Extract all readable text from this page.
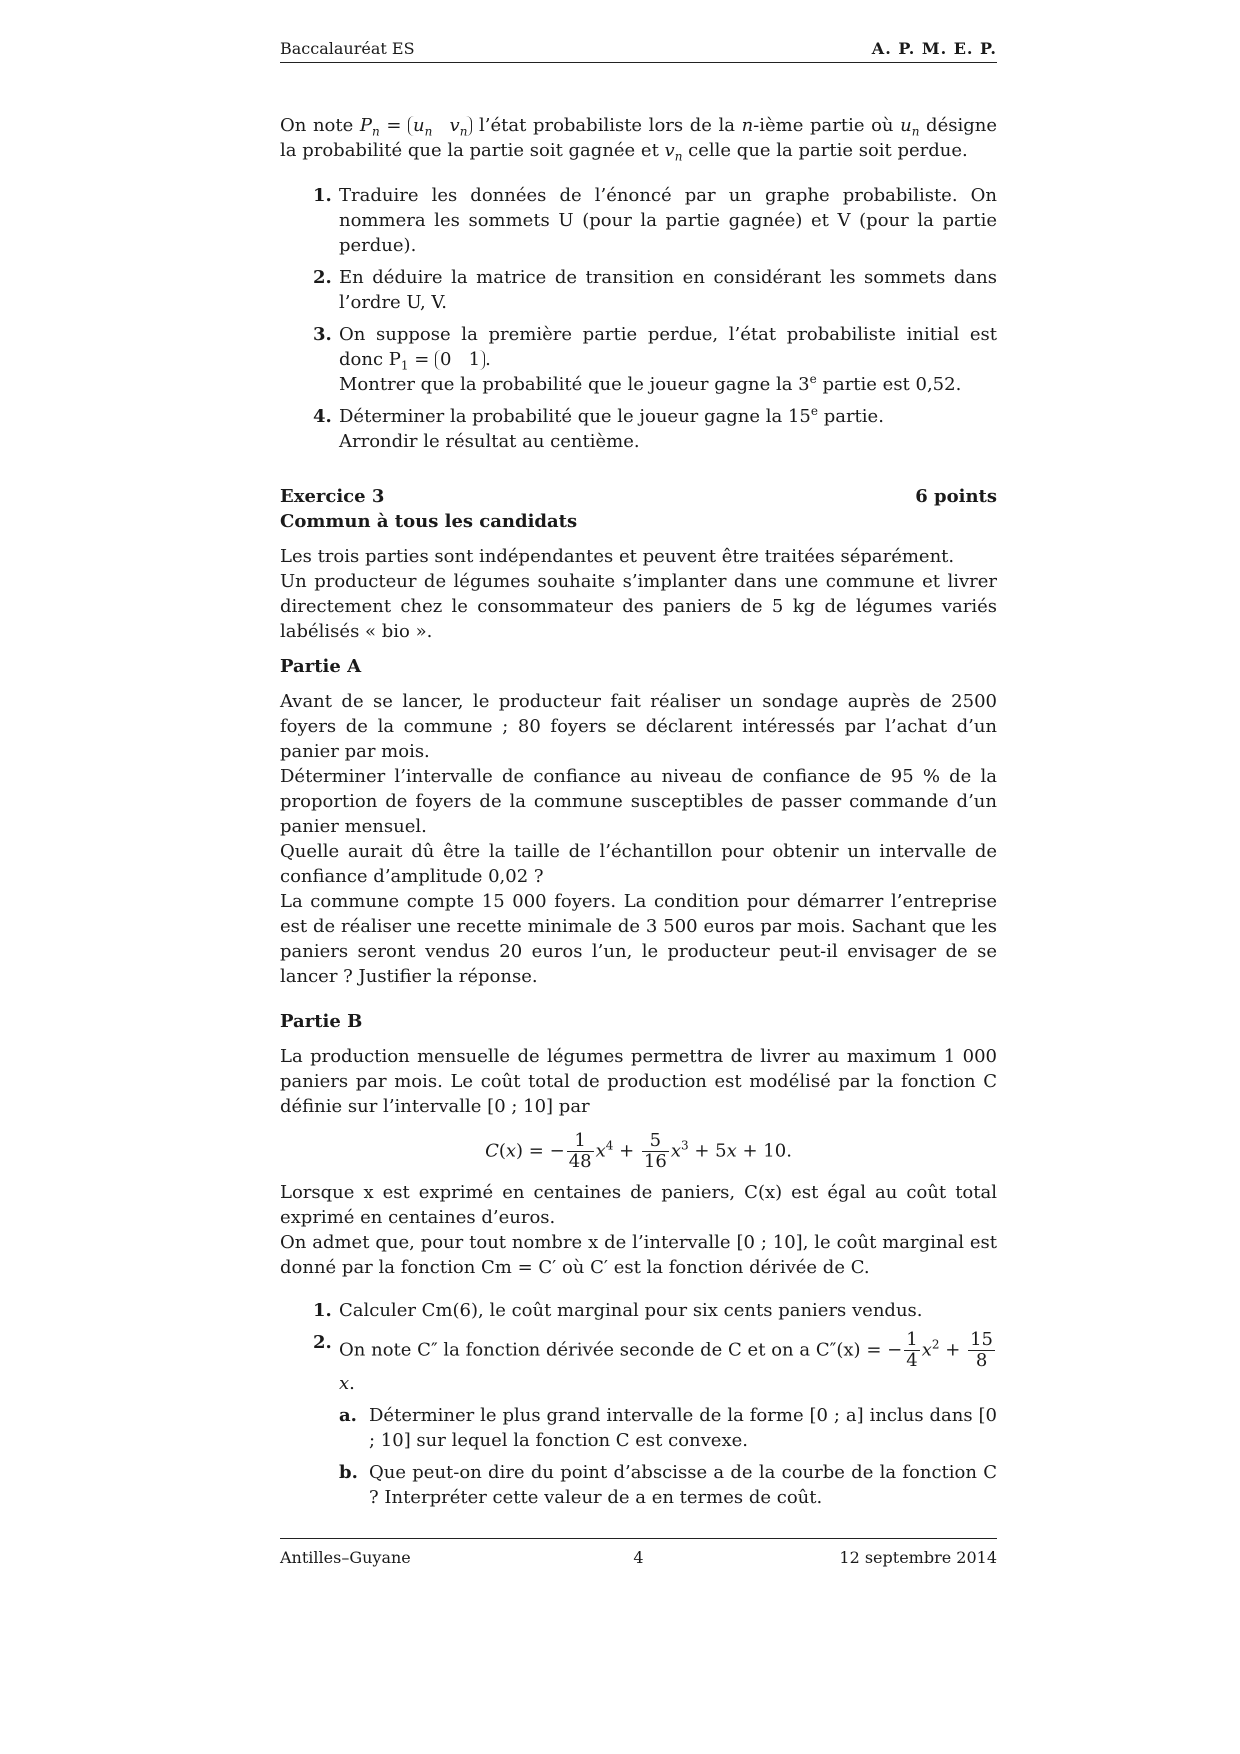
Baccalauréat ES	A. P. M. E. P.

On note $P_n = u_n$ $v_n$ l’état probabiliste lors de la n-ième partie où $u_n$ désigne la probabilité que la partie soit gagnée et $v_n$ celle que la partie soit perdue.

1. Traduire les données de l’énoncé par un graphe probabiliste. On nommera les sommets U (pour la partie gagnée) et V (pour la partie perdue).
2. En déduire la matrice de transition en considérant les sommets dans l’ordre U, V.
3. On suppose la première partie perdue, l’état probabiliste initial est donc $P_1 = 0$   1 .
Montrer que la probabilité que le joueur gagne la 3e partie est 0,52.
4. Déterminer la probabilité que le joueur gagne la 15e partie.
Arrondir le résultat au centième.
Exercice 3	6 points

Commun à tous les candidats

Les trois parties sont indépendantes et peuvent être traitées séparément.

Un producteur de légumes souhaite s’implanter dans une commune et livrer directement chez le consommateur des paniers de 5 kg de légumes variés labélisés « bio ».

Partie A

Avant de se lancer, le producteur fait réaliser un sondage auprès de 2500 foyers de la commune ; 80 foyers se déclarent intéressés par l’achat d’un panier par mois.

Déterminer l’intervalle de confiance au niveau de confiance de 95 % de la proportion de foyers de la commune susceptibles de passer commande d’un panier mensuel.

Quelle aurait dû être la taille de l’échantillon pour obtenir un intervalle de confiance d’amplitude 0,02 ?

La commune compte 15 000 foyers. La condition pour démarrer l’entreprise est de réaliser une recette minimale de 3 500 euros par mois. Sachant que les paniers seront vendus 20 euros l’un, le producteur peut-il envisager de se lancer ? Justifier la réponse.

Partie B

La production mensuelle de légumes permettra de livrer au maximum 1 000 paniers par mois. Le coût total de production est modélisé par la fonction C définie sur l’intervalle [0 ; 10] par

C(x) = − $\frac{1}{48} x^4 + \frac{5}{16} x^3 + 5x + 10$.

Lorsque x est exprimé en centaines de paniers, C(x) est égal au coût total exprimé en centaines d’euros.

On admet que, pour tout nombre x de l’intervalle [0 ; 10], le coût marginal est donné par la fonction Cm = C′ où C′ est la fonction dérivée de C.

1. Calculer Cm(6), le coût marginal pour six cents paniers vendus.
2. On note C″ la fonction dérivée seconde de C et on a C″(x) = − $\frac{1}{4} x^2 + \frac{15}{8}$
x.
a. Déterminer le plus grand intervalle de la forme [0 ; a] inclus dans [0 ; 10] sur lequel la fonction C est convexe.
b. Que peut-on dire du point d’abscisse a de la courbe de la fonction C ? Interpréter cette valeur de a en termes de coût.
Antilles–Guyane	4	12 septembre 2014
